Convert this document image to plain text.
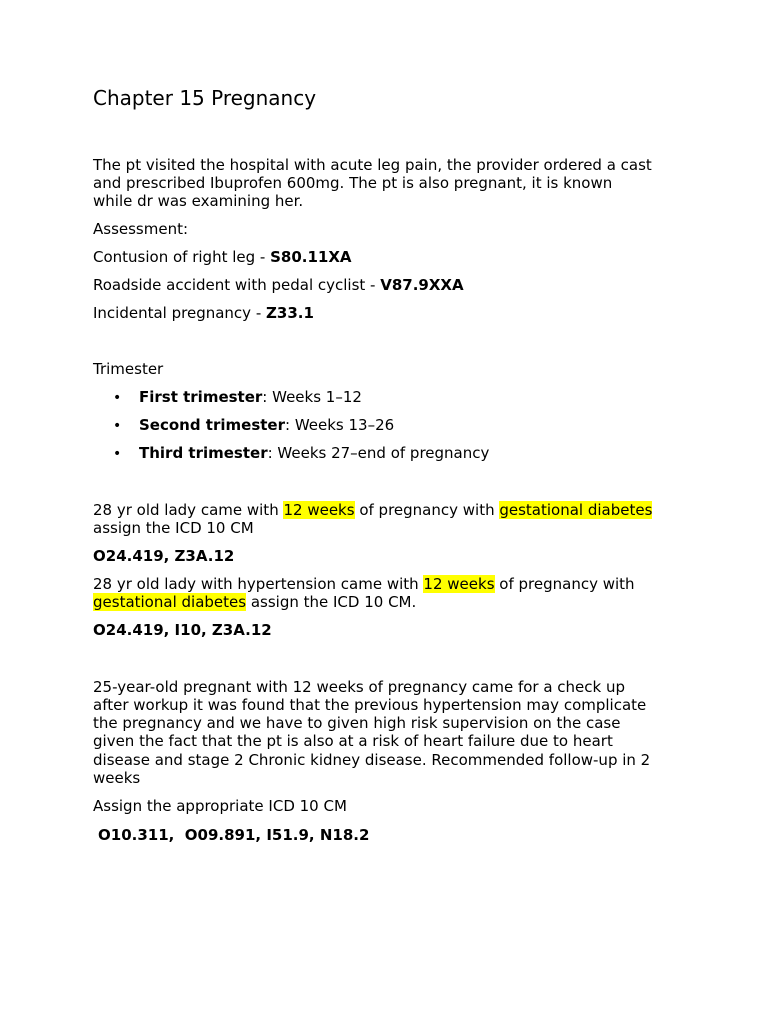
Chapter 15 Pregnancy
The pt visited the hospital with acute leg pain, the provider ordered a cast
and prescribed Ibuprofen 600mg. The pt is also pregnant, it is known
while dr was examining her.
Assessment:
Contusion of right leg - S80.11XA
Roadside accident with pedal cyclist - V87.9XXA
Incidental pregnancy - Z33.1
Trimester
• First trimester: Weeks 1–12
• Second trimester: Weeks 13–26
• Third trimester: Weeks 27–end of pregnancy
28 yr old lady came with 12 weeks of pregnancy with gestational diabetes
assign the ICD 10 CM
O24.419, Z3A.12
28 yr old lady with hypertension came with 12 weeks of pregnancy with
gestational diabetes assign the ICD 10 CM.
O24.419, I10, Z3A.12
25-year-old pregnant with 12 weeks of pregnancy came for a check up
after workup it was found that the previous hypertension may complicate
the pregnancy and we have to given high risk supervision on the case
given the fact that the pt is also at a risk of heart failure due to heart
disease and stage 2 Chronic kidney disease. Recommended follow-up in 2
weeks
Assign the appropriate ICD 10 CM
O10.311,  O09.891, I51.9, N18.2
